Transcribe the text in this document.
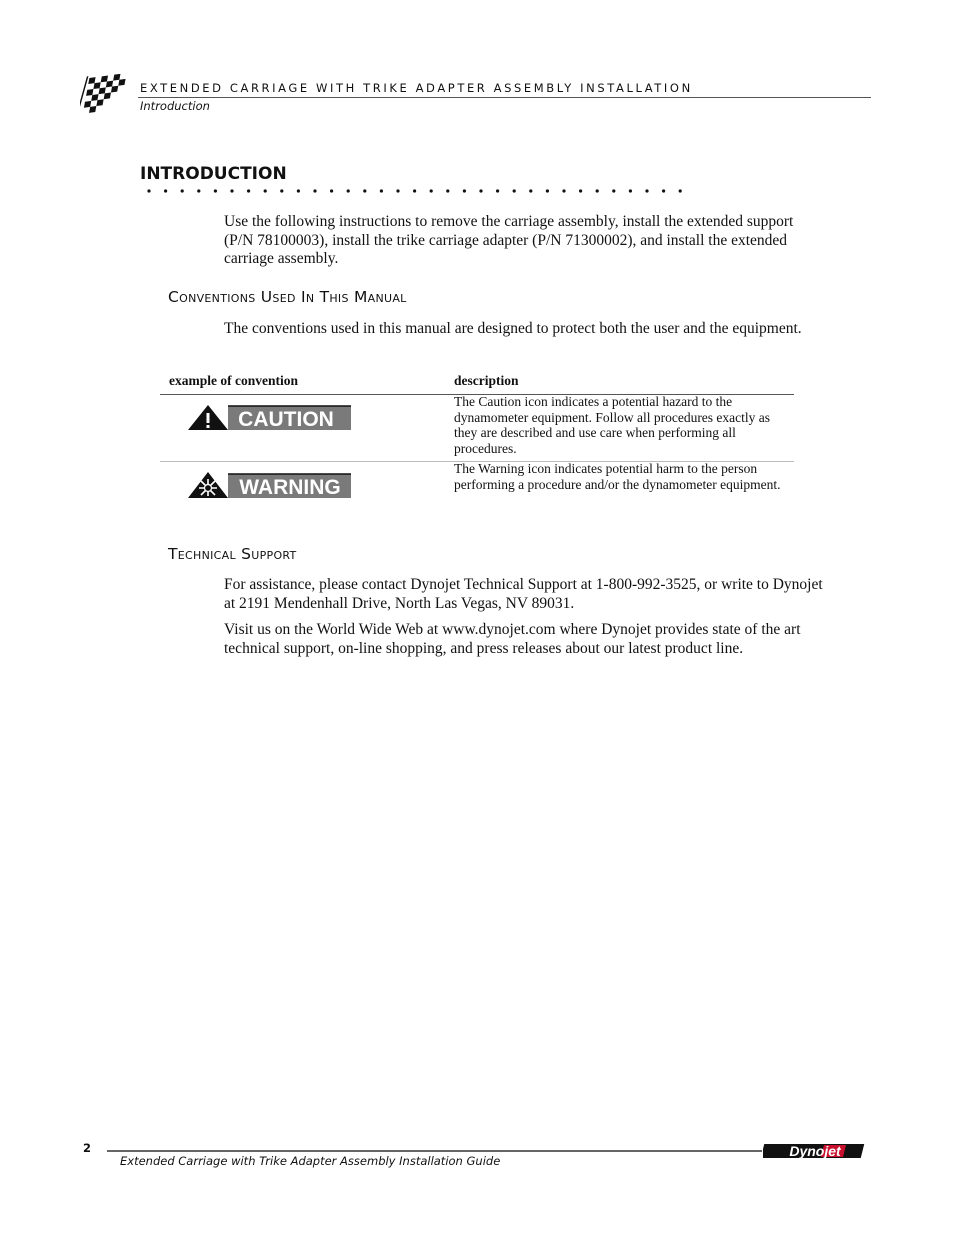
EXTENDED CARRIAGE WITH TRIKE ADAPTER ASSEMBLY INSTALLATION
Introduction
INTRODUCTION
Use the following instructions to remove the carriage assembly, install the extended support (P/N 78100003), install the trike carriage adapter (P/N 71300002), and install the extended carriage assembly.
Conventions Used In This Manual
The conventions used in this manual are designed to protect both the user and the equipment.
example of convention	description
CAUTION
The Caution icon indicates a potential hazard to the dynamometer equipment. Follow all procedures exactly as they are described and use care when performing all procedures.
WARNING
The Warning icon indicates potential harm to the person performing a procedure and/or the dynamometer equipment.
Technical Support
For assistance, please contact Dynojet Technical Support at 1-800-992-3525, or write to Dynojet at 2191 Mendenhall Drive, North Las Vegas, NV 89031.
Visit us on the World Wide Web at www.dynojet.com where Dynojet provides state of the art technical support, on-line shopping, and press releases about our latest product line.
2
Extended Carriage with Trike Adapter Assembly Installation Guide
Dynojet
